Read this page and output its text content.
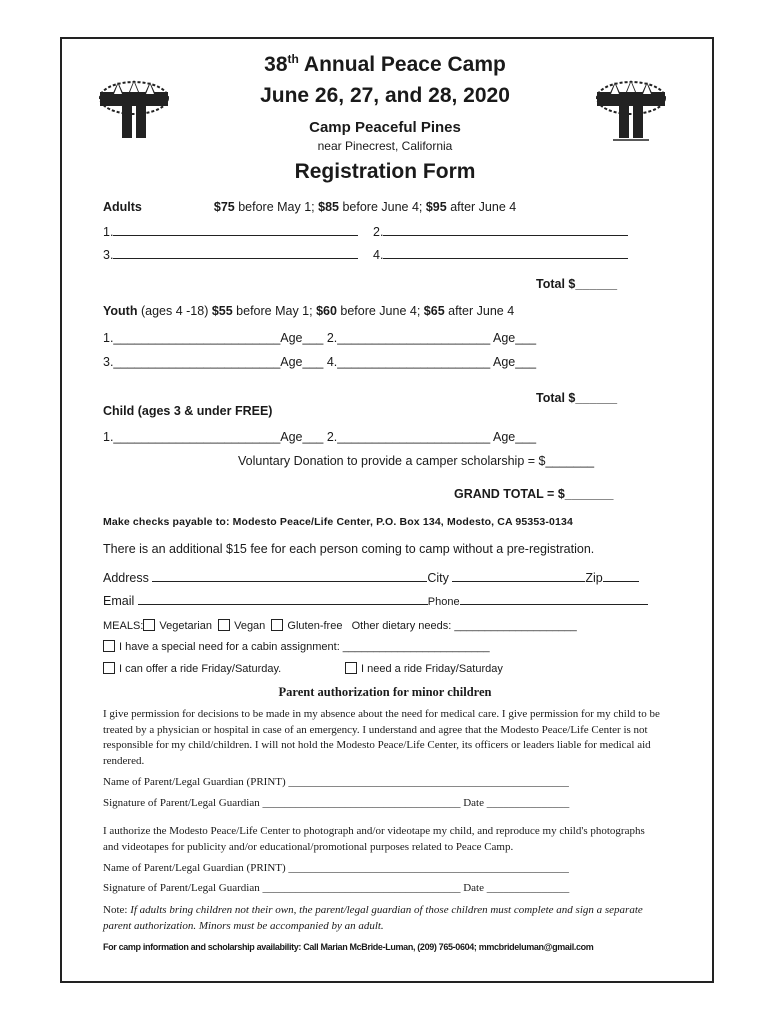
38th Annual Peace Camp
June 26, 27, and 28, 2020
Camp Peaceful Pines
near Pinecrest, California
Registration Form
Adults	$75 before May 1; $85 before June 4; $95 after June 4
1.	2.
3.	4.
Total $______
Youth (ages 4 -18) $55 before May 1; $60 before June 4; $65 after June 4
1.________________________Age___ 2.______________________ Age___
3.________________________Age___ 4.______________________ Age___
Total $______
Child (ages 3 & under FREE)
1.________________________Age___ 2.______________________ Age___
Voluntary Donation to provide a camper scholarship = $_______
GRAND TOTAL = $_______
Make checks payable to: Modesto Peace/Life Center, P.O. Box 134, Modesto, CA 95353-0134
There is an additional $15 fee for each person coming to camp without a pre-registration.
Address	City	Zip
Email	Phone
MEALS: Vegetarian Vegan Gluten-free Other dietary needs: ____________________
I have a special need for a cabin assignment: ________________________
I can offer a ride Friday/Saturday.	I need a ride Friday/Saturday
Parent authorization for minor children
I give permission for decisions to be made in my absence about the need for medical care. I give permission for my child to be treated by a physician or hospital in case of an emergency. I understand and agree that the Modesto Peace/Life Center is not responsible for my child/children. I will not hold the Modesto Peace/Life Center, its officers or leaders liable for medical aid rendered.
Name of Parent/Legal Guardian (PRINT) ___________________________________________________
Signature of Parent/Legal Guardian ____________________________________ Date _______________
I authorize the Modesto Peace/Life Center to photograph and/or videotape my child, and reproduce my child's photographs and videotapes for publicity and/or educational/promotional purposes related to Peace Camp.
Name of Parent/Legal Guardian (PRINT) ___________________________________________________
Signature of Parent/Legal Guardian ____________________________________ Date _______________
Note: If adults bring children not their own, the parent/legal guardian of those children must complete and sign a separate parent authorization. Minors must be accompanied by an adult.
For camp information and scholarship availability: Call Marian McBride-Luman, (209) 765-0604; mmcbrideluman@gmail.com
